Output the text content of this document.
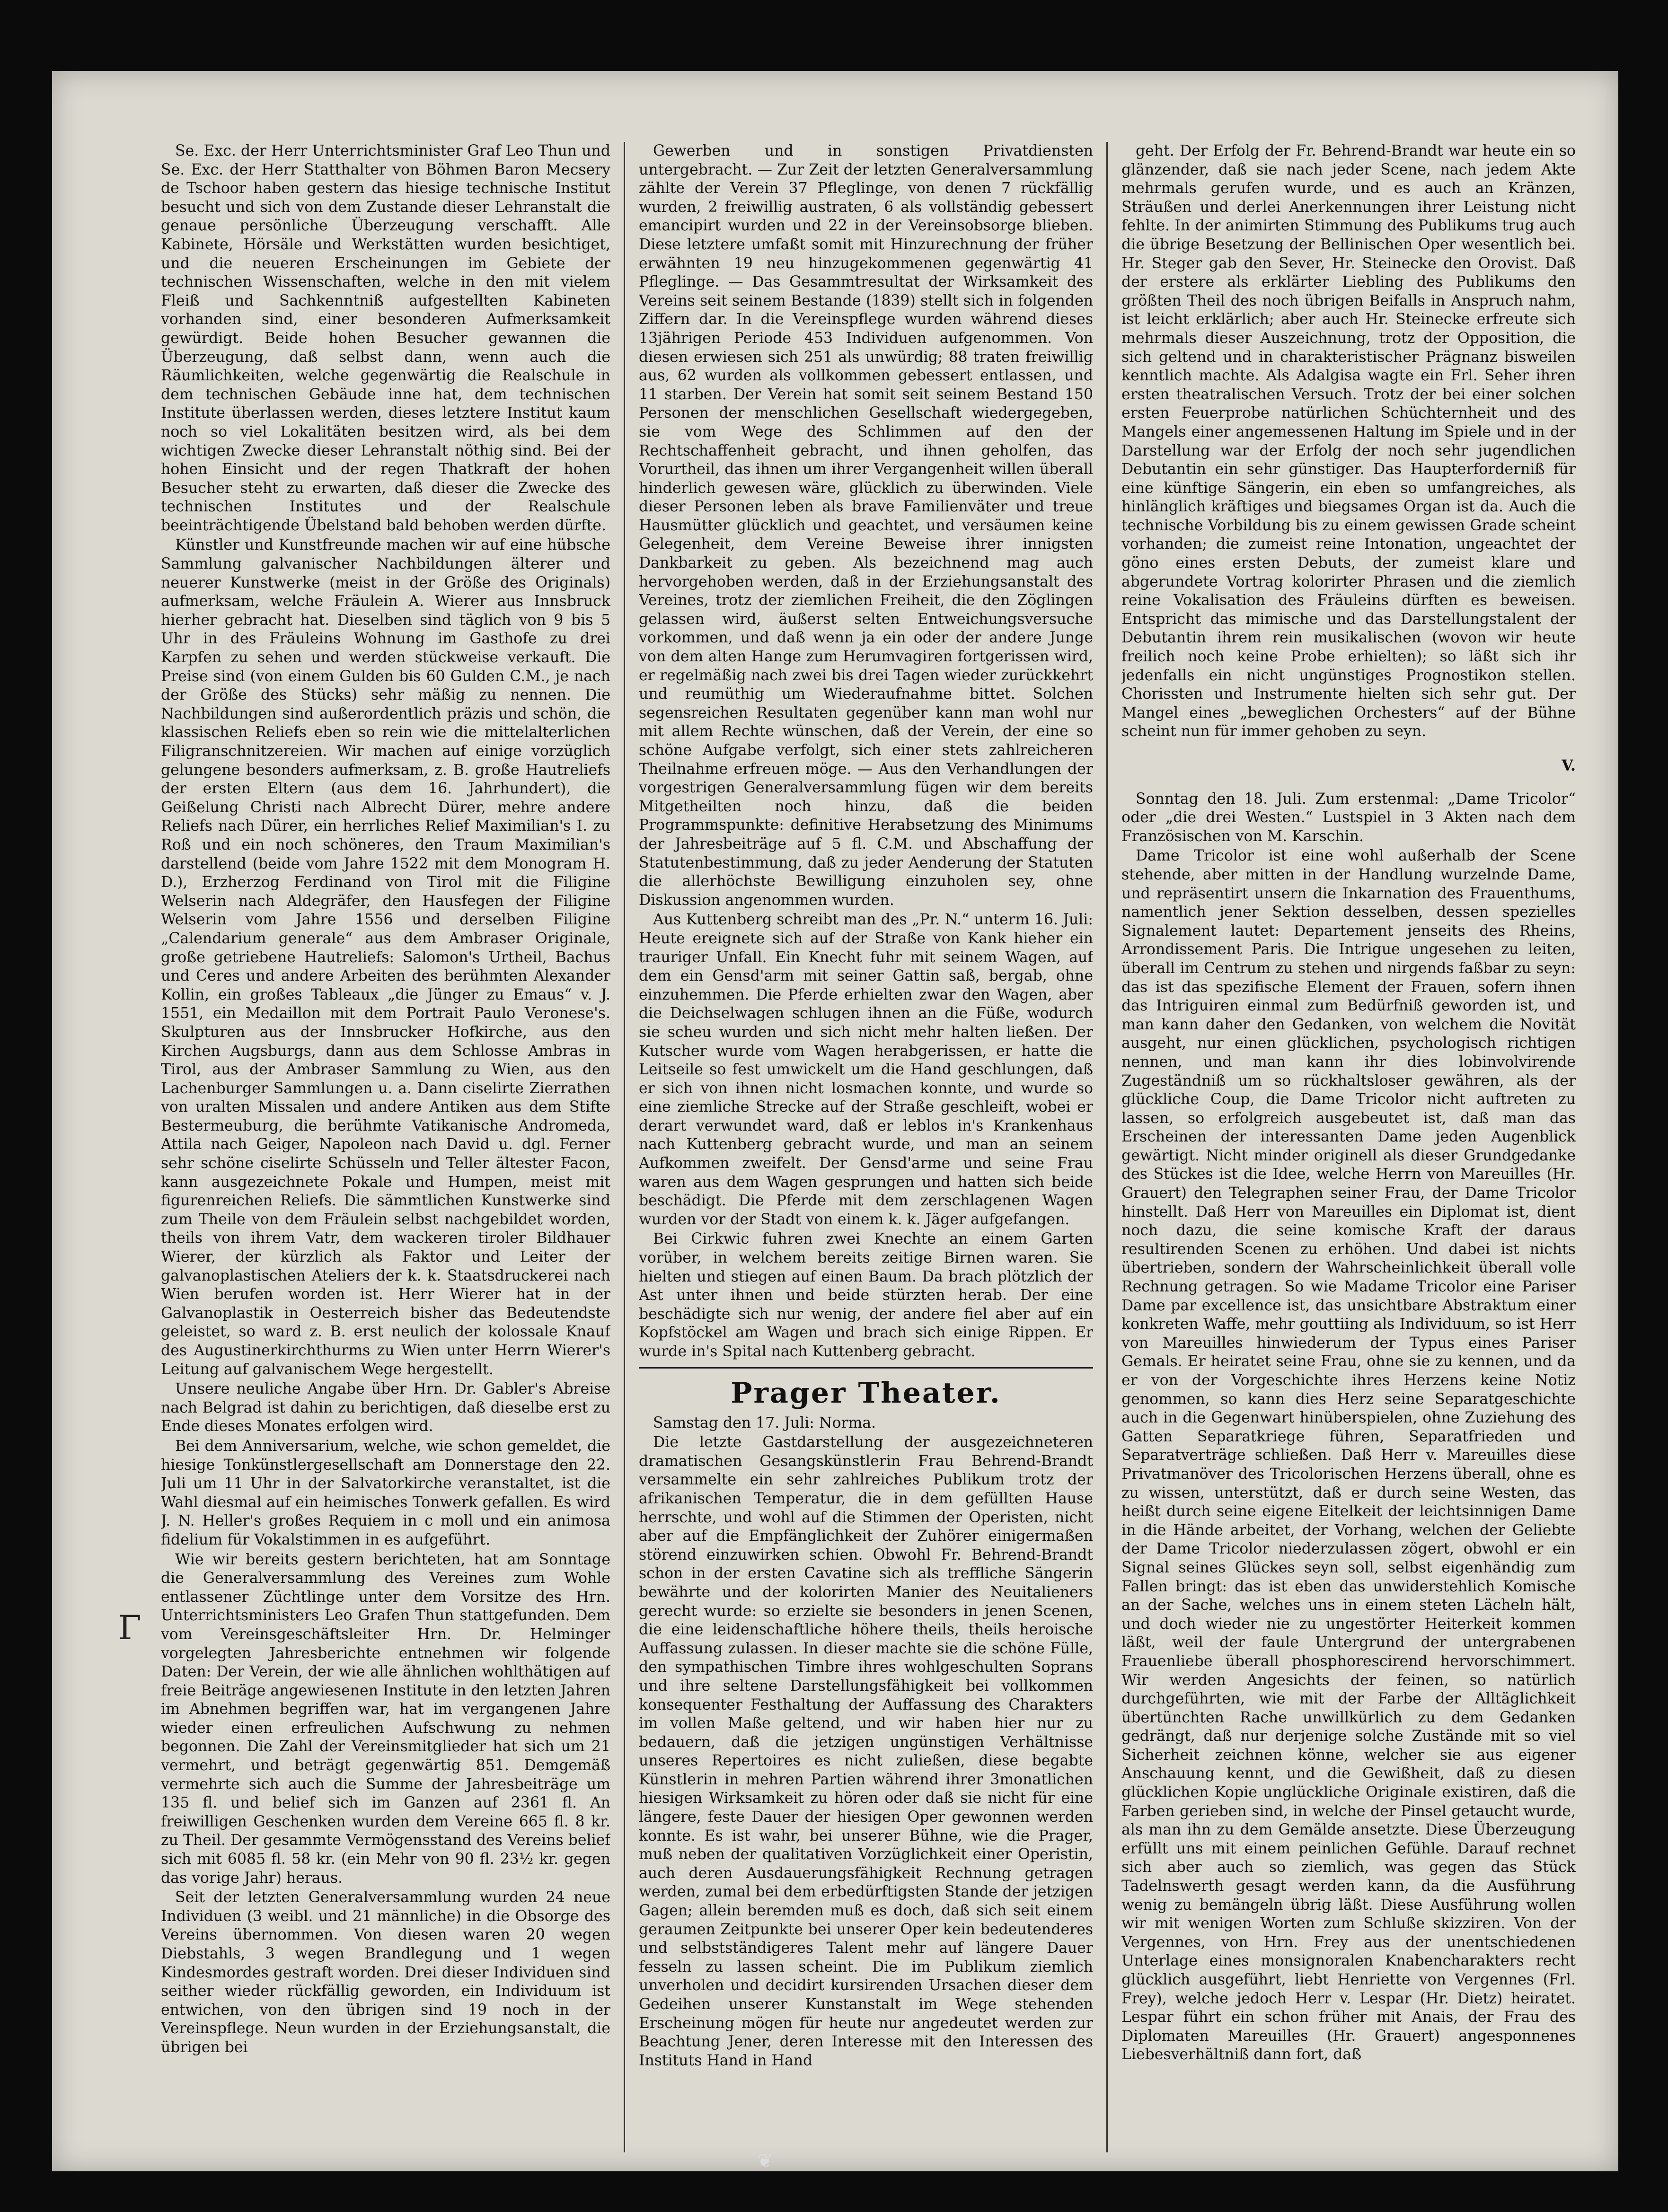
Γ

Se. Exc. der Herr Unterrichtsminister Graf Leo Thun und Se. Exc. der Herr Statthalter von Böhmen Baron Mecsery de Tschoor haben gestern das hiesige technische Institut besucht und sich von dem Zustande dieser Lehranstalt die genaue persönliche Überzeugung verschafft. Alle Kabinete, Hörsäle und Werkstätten wurden besichtiget, und die neueren Erscheinungen im Gebiete der technischen Wissenschaften, welche in den mit vielem Fleiß und Sachkenntniß aufgestellten Kabineten vorhanden sind, einer besonderen Aufmerksamkeit gewürdigt. Beide hohen Besucher gewannen die Überzeugung, daß selbst dann, wenn auch die Räumlichkeiten, welche gegenwärtig die Realschule in dem technischen Gebäude inne hat, dem technischen Institute überlassen werden, dieses letztere Institut kaum noch so viel Lokalitäten besitzen wird, als bei dem wichtigen Zwecke dieser Lehranstalt nöthig sind. Bei der hohen Einsicht und der regen Thatkraft der hohen Besucher steht zu erwarten, daß dieser die Zwecke des technischen Institutes und der Realschule beeinträchtigende Übelstand bald behoben werden dürfte.

Künstler und Kunstfreunde machen wir auf eine hübsche Sammlung galvanischer Nachbildungen älterer und neuerer Kunstwerke (meist in der Größe des Originals) aufmerksam, welche Fräulein A. Wierer aus Innsbruck hierher gebracht hat. Dieselben sind täglich von 9 bis 5 Uhr in des Fräuleins Wohnung im Gasthofe zu drei Karpfen zu sehen und werden stückweise verkauft. Die Preise sind (von einem Gulden bis 60 Gulden C.M., je nach der Größe des Stücks) sehr mäßig zu nennen. Die Nachbildungen sind außerordentlich präzis und schön, die klassischen Reliefs eben so rein wie die mittelalterlichen Filigranschnitzereien. Wir machen auf einige vorzüglich gelungene besonders aufmerksam, z. B. große Hautreliefs der ersten Eltern (aus dem 16. Jahrhundert), die Geißelung Christi nach Albrecht Dürer, mehre andere Reliefs nach Dürer, ein herrliches Relief Maximilian's I. zu Roß und ein noch schöneres, den Traum Maximilian's darstellend (beide vom Jahre 1522 mit dem Monogram H. D.), Erzherzog Ferdinand von Tirol mit die Filigine Welserin nach Aldegräfer, den Hausfegen der Filigine Welserin vom Jahre 1556 und derselben Filigine „Calendarium generale“ aus dem Ambraser Originale, große getriebene Hautreliefs: Salomon's Urtheil, Bachus und Ceres und andere Arbeiten des berühmten Alexander Kollin, ein großes Tableaux „die Jünger zu Emaus“ v. J. 1551, ein Medaillon mit dem Portrait Paulo Veronese's. Skulpturen aus der Innsbrucker Hofkirche, aus den Kirchen Augsburgs, dann aus dem Schlosse Ambras in Tirol, aus der Ambraser Sammlung zu Wien, aus den Lachenburger Sammlungen u. a. Dann ciselirte Zierrathen von uralten Missalen und andere Antiken aus dem Stifte Bestermeuburg, die berühmte Vatikanische Andromeda, Attila nach Geiger, Napoleon nach David u. dgl. Ferner sehr schöne ciselirte Schüsseln und Teller ältester Facon, kann ausgezeichnete Pokale und Humpen, meist mit figurenreichen Reliefs. Die sämmtlichen Kunstwerke sind zum Theile von dem Fräulein selbst nachgebildet worden, theils von ihrem Vatr, dem wackeren tiroler Bildhauer Wierer, der kürzlich als Faktor und Leiter der galvanoplastischen Ateliers der k. k. Staatsdruckerei nach Wien berufen worden ist. Herr Wierer hat in der Galvanoplastik in Oesterreich bisher das Bedeutendste geleistet, so ward z. B. erst neulich der kolossale Knauf des Augustinerkirchthurms zu Wien unter Herrn Wierer's Leitung auf galvanischem Wege hergestellt.

Unsere neuliche Angabe über Hrn. Dr. Gabler's Abreise nach Belgrad ist dahin zu berichtigen, daß dieselbe erst zu Ende dieses Monates erfolgen wird.

Bei dem Anniversarium, welche, wie schon gemeldet, die hiesige Tonkünstlergesellschaft am Donnerstage den 22. Juli um 11 Uhr in der Salvatorkirche veranstaltet, ist die Wahl diesmal auf ein heimisches Tonwerk gefallen. Es wird J. N. Heller's großes Requiem in c moll und ein animosa fidelium für Vokalstimmen in es aufgeführt.

Wie wir bereits gestern berichteten, hat am Sonntage die Generalversammlung des Vereines zum Wohle entlassener Züchtlinge unter dem Vorsitze des Hrn. Unterrichtsministers Leo Grafen Thun stattgefunden. Dem vom Vereinsgeschäftsleiter Hrn. Dr. Helminger vorgelegten Jahresberichte entnehmen wir folgende Daten: Der Verein, der wie alle ähnlichen wohlthätigen auf freie Beiträge angewiesenen Institute in den letzten Jahren im Abnehmen begriffen war, hat im vergangenen Jahre wieder einen erfreulichen Aufschwung zu nehmen begonnen. Die Zahl der Vereinsmitglieder hat sich um 21 vermehrt, und beträgt gegenwärtig 851. Demgemäß vermehrte sich auch die Summe der Jahresbeiträge um 135 fl. und belief sich im Ganzen auf 2361 fl. An freiwilligen Geschenken wurden dem Vereine 665 fl. 8 kr. zu Theil. Der gesammte Vermögensstand des Vereins belief sich mit 6085 fl. 58 kr. (ein Mehr von 90 fl. 23½ kr. gegen das vorige Jahr) heraus.

Seit der letzten Generalversammlung wurden 24 neue Individuen (3 weibl. und 21 männliche) in die Obsorge des Vereins übernommen. Von diesen waren 20 wegen Diebstahls, 3 wegen Brandlegung und 1 wegen Kindesmordes gestraft worden. Drei dieser Individuen sind seither wieder rückfällig geworden, ein Individuum ist entwichen, von den übrigen sind 19 noch in der Vereinspflege. Neun wurden in der Erziehungsanstalt, die übrigen bei

Gewerben und in sonstigen Privatdiensten untergebracht. — Zur Zeit der letzten Generalversammlung zählte der Verein 37 Pfleglinge, von denen 7 rückfällig wurden, 2 freiwillig austraten, 6 als vollständig gebessert emancipirt wurden und 22 in der Vereinsobsorge blieben. Diese letztere umfaßt somit mit Hinzurechnung der früher erwähnten 19 neu hinzugekommenen gegenwärtig 41 Pfleglinge. — Das Gesammtresultat der Wirksamkeit des Vereins seit seinem Bestande (1839) stellt sich in folgenden Ziffern dar. In die Vereinspflege wurden während dieses 13jährigen Periode 453 Individuen aufgenommen. Von diesen erwiesen sich 251 als unwürdig; 88 traten freiwillig aus, 62 wurden als vollkommen gebessert entlassen, und 11 starben. Der Verein hat somit seit seinem Bestand 150 Personen der menschlichen Gesellschaft wiedergegeben, sie vom Wege des Schlimmen auf den der Rechtschaffenheit gebracht, und ihnen geholfen, das Vorurtheil, das ihnen um ihrer Vergangenheit willen überall hinderlich gewesen wäre, glücklich zu überwinden. Viele dieser Personen leben als brave Familienväter und treue Hausmütter glücklich und geachtet, und versäumen keine Gelegenheit, dem Vereine Beweise ihrer innigsten Dankbarkeit zu geben. Als bezeichnend mag auch hervorgehoben werden, daß in der Erziehungsanstalt des Vereines, trotz der ziemlichen Freiheit, die den Zöglingen gelassen wird, äußerst selten Entweichungsversuche vorkommen, und daß wenn ja ein oder der andere Junge von dem alten Hange zum Herumvagiren fortgerissen wird, er regelmäßig nach zwei bis drei Tagen wieder zurückkehrt und reumüthig um Wiederaufnahme bittet. Solchen segensreichen Resultaten gegenüber kann man wohl nur mit allem Rechte wünschen, daß der Verein, der eine so schöne Aufgabe verfolgt, sich einer stets zahlreicheren Theilnahme erfreuen möge. — Aus den Verhandlungen der vorgestrigen Generalversammlung fügen wir dem bereits Mitgetheilten noch hinzu, daß die beiden Programmspunkte: definitive Herabsetzung des Minimums der Jahresbeiträge auf 5 fl. C.M. und Abschaffung der Statutenbestimmung, daß zu jeder Aenderung der Statuten die allerhöchste Bewilligung einzuholen sey, ohne Diskussion angenommen wurden.

Aus Kuttenberg schreibt man des „Pr. N.“ unterm 16. Juli: Heute ereignete sich auf der Straße von Kank hieher ein trauriger Unfall. Ein Knecht fuhr mit seinem Wagen, auf dem ein Gensd'arm mit seiner Gattin saß, bergab, ohne einzuhemmen. Die Pferde erhielten zwar den Wagen, aber die Deichselwagen schlugen ihnen an die Füße, wodurch sie scheu wurden und sich nicht mehr halten ließen. Der Kutscher wurde vom Wagen herabgerissen, er hatte die Leitseile so fest umwickelt um die Hand geschlungen, daß er sich von ihnen nicht losmachen konnte, und wurde so eine ziemliche Strecke auf der Straße geschleift, wobei er derart verwundet ward, daß er leblos in's Krankenhaus nach Kuttenberg gebracht wurde, und man an seinem Aufkommen zweifelt. Der Gensd'arme und seine Frau waren aus dem Wagen gesprungen und hatten sich beide beschädigt. Die Pferde mit dem zerschlagenen Wagen wurden vor der Stadt von einem k. k. Jäger aufgefangen.

Bei Cirkwic fuhren zwei Knechte an einem Garten vorüber, in welchem bereits zeitige Birnen waren. Sie hielten und stiegen auf einen Baum. Da brach plötzlich der Ast unter ihnen und beide stürzten herab. Der eine beschädigte sich nur wenig, der andere fiel aber auf ein Kopfstöckel am Wagen und brach sich einige Rippen. Er wurde in's Spital nach Kuttenberg gebracht.

Prager Theater.

Samstag den 17. Juli: Norma.

Die letzte Gastdarstellung der ausgezeichneteren dramatischen Gesangskünstlerin Frau Behrend-Brandt versammelte ein sehr zahlreiches Publikum trotz der afrikanischen Temperatur, die in dem gefüllten Hause herrschte, und wohl auf die Stimmen der Operisten, nicht aber auf die Empfänglichkeit der Zuhörer einigermaßen störend einzuwirken schien. Obwohl Fr. Behrend-Brandt schon in der ersten Cavatine sich als treffliche Sängerin bewährte und der kolorirten Manier des Neuitalieners gerecht wurde: so erzielte sie besonders in jenen Scenen, die eine leidenschaftliche höhere theils, theils heroische Auffassung zulassen. In dieser machte sie die schöne Fülle, den sympathischen Timbre ihres wohlgeschulten Soprans und ihre seltene Darstellungsfähigkeit bei vollkommen konsequenter Festhaltung der Auffassung des Charakters im vollen Maße geltend, und wir haben hier nur zu bedauern, daß die jetzigen ungünstigen Verhältnisse unseres Repertoires es nicht zuließen, diese begabte Künstlerin in mehren Partien während ihrer 3monatlichen hiesigen Wirksamkeit zu hören oder daß sie nicht für eine längere, feste Dauer der hiesigen Oper gewonnen werden konnte. Es ist wahr, bei unserer Bühne, wie die Prager, muß neben der qualitativen Vorzüglichkeit einer Operistin, auch deren Ausdauerungsfähigkeit Rechnung getragen werden, zumal bei dem erbedürftigsten Stande der jetzigen Gagen; allein beremden muß es doch, daß sich seit einem geraumen Zeitpunkte bei unserer Oper kein bedeutenderes und selbstständigeres Talent mehr auf längere Dauer fesseln zu lassen scheint. Die im Publikum ziemlich unverholen und decidirt kursirenden Ursachen dieser dem Gedeihen unserer Kunstanstalt im Wege stehenden Erscheinung mögen für heute nur angedeutet werden zur Beachtung Jener, deren Interesse mit den Interessen des Instituts Hand in Hand

geht. Der Erfolg der Fr. Behrend-Brandt war heute ein so glänzender, daß sie nach jeder Scene, nach jedem Akte mehrmals gerufen wurde, und es auch an Kränzen, Sträußen und derlei Anerkennungen ihrer Leistung nicht fehlte. In der animirten Stimmung des Publikums trug auch die übrige Besetzung der Bellinischen Oper wesentlich bei. Hr. Steger gab den Sever, Hr. Steinecke den Orovist. Daß der erstere als erklärter Liebling des Publikums den größten Theil des noch übrigen Beifalls in Anspruch nahm, ist leicht erklärlich; aber auch Hr. Steinecke erfreute sich mehrmals dieser Auszeichnung, trotz der Opposition, die sich geltend und in charakteristischer Prägnanz bisweilen kenntlich machte. Als Adalgisa wagte ein Frl. Seher ihren ersten theatralischen Versuch. Trotz der bei einer solchen ersten Feuerprobe natürlichen Schüchternheit und des Mangels einer angemessenen Haltung im Spiele und in der Darstellung war der Erfolg der noch sehr jugendlichen Debutantin ein sehr günstiger. Das Haupterforderniß für eine künftige Sängerin, ein eben so umfangreiches, als hinlänglich kräftiges und biegsames Organ ist da. Auch die technische Vorbildung bis zu einem gewissen Grade scheint vorhanden; die zumeist reine Intonation, ungeachtet der göno eines ersten Debuts, der zumeist klare und abgerundete Vortrag kolorirter Phrasen und die ziemlich reine Vokalisation des Fräuleins dürften es beweisen. Entspricht das mimische und das Darstellungstalent der Debutantin ihrem rein musikalischen (wovon wir heute freilich noch keine Probe erhielten); so läßt sich ihr jedenfalls ein nicht ungünstiges Prognostikon stellen. Chorissten und Instrumente hielten sich sehr gut. Der Mangel eines „beweglichen Orchesters“ auf der Bühne scheint nun für immer gehoben zu seyn.

V.

Sonntag den 18. Juli. Zum erstenmal: „Dame Tricolor“ oder „die drei Westen.“ Lustspiel in 3 Akten nach dem Französischen von M. Karschin.

Dame Tricolor ist eine wohl außerhalb der Scene stehende, aber mitten in der Handlung wurzelnde Dame, und repräsentirt unsern die Inkarnation des Frauenthums, namentlich jener Sektion desselben, dessen spezielles Signalement lautet: Departement jenseits des Rheins, Arrondissement Paris. Die Intrigue ungesehen zu leiten, überall im Centrum zu stehen und nirgends faßbar zu seyn: das ist das spezifische Element der Frauen, sofern ihnen das Intriguiren einmal zum Bedürfniß geworden ist, und man kann daher den Gedanken, von welchem die Novität ausgeht, nur einen glücklichen, psychologisch richtigen nennen, und man kann ihr dies lobinvolvirende Zugeständniß um so rückhaltsloser gewähren, als der glückliche Coup, die Dame Tricolor nicht auftreten zu lassen, so erfolgreich ausgebeutet ist, daß man das Erscheinen der interessanten Dame jeden Augenblick gewärtigt. Nicht minder originell als dieser Grundgedanke des Stückes ist die Idee, welche Herrn von Mareuilles (Hr. Grauert) den Telegraphen seiner Frau, der Dame Tricolor hinstellt. Daß Herr von Mareuilles ein Diplomat ist, dient noch dazu, die seine komische Kraft der daraus resultirenden Scenen zu erhöhen. Und dabei ist nichts übertrieben, sondern der Wahrscheinlichkeit überall volle Rechnung getragen. So wie Madame Tricolor eine Pariser Dame par excellence ist, das unsichtbare Abstraktum einer konkreten Waffe, mehr gouttiing als Individuum, so ist Herr von Mareuilles hinwiederum der Typus eines Pariser Gemals. Er heiratet seine Frau, ohne sie zu kennen, und da er von der Vorgeschichte ihres Herzens keine Notiz genommen, so kann dies Herz seine Separatgeschichte auch in die Gegenwart hinüberspielen, ohne Zuziehung des Gatten Separatkriege führen, Separatfrieden und Separatverträge schließen. Daß Herr v. Mareuilles diese Privatmanöver des Tricolorischen Herzens überall, ohne es zu wissen, unterstützt, daß er durch seine Westen, das heißt durch seine eigene Eitelkeit der leichtsinnigen Dame in die Hände arbeitet, der Vorhang, welchen der Geliebte der Dame Tricolor niederzulassen zögert, obwohl er ein Signal seines Glückes seyn soll, selbst eigenhändig zum Fallen bringt: das ist eben das unwiderstehlich Komische an der Sache, welches uns in einem steten Lächeln hält, und doch wieder nie zu ungestörter Heiterkeit kommen läßt, weil der faule Untergrund der untergrabenen Frauenliebe überall phosphorescirend hervorschimmert. Wir werden Angesichts der feinen, so natürlich durchgeführten, wie mit der Farbe der Alltäglichkeit übertünchten Rache unwillkürlich zu dem Gedanken gedrängt, daß nur derjenige solche Zustände mit so viel Sicherheit zeichnen könne, welcher sie aus eigener Anschauung kennt, und die Gewißheit, daß zu diesen glücklichen Kopie unglückliche Originale existiren, daß die Farben gerieben sind, in welche der Pinsel getaucht wurde, als man ihn zu dem Gemälde ansetzte. Diese Überzeugung erfüllt uns mit einem peinlichen Gefühle. Darauf rechnet sich aber auch so ziemlich, was gegen das Stück Tadelnswerth gesagt werden kann, da die Ausführung wenig zu bemängeln übrig läßt. Diese Ausführung wollen wir mit wenigen Worten zum Schluße skizziren. Von der Vergennes, von Hrn. Frey aus der unentschiedenen Unterlage eines monsignoralen Knabencharakters recht glücklich ausgeführt, liebt Henriette von Vergennes (Frl. Frey), welche jedoch Herr v. Lespar (Hr. Dietz) heiratet. Lespar führt ein schon früher mit Anais, der Frau des Diplomaten Mareuilles (Hr. Grauert) angesponnenes Liebesverhältniß dann fort, daß

❦
